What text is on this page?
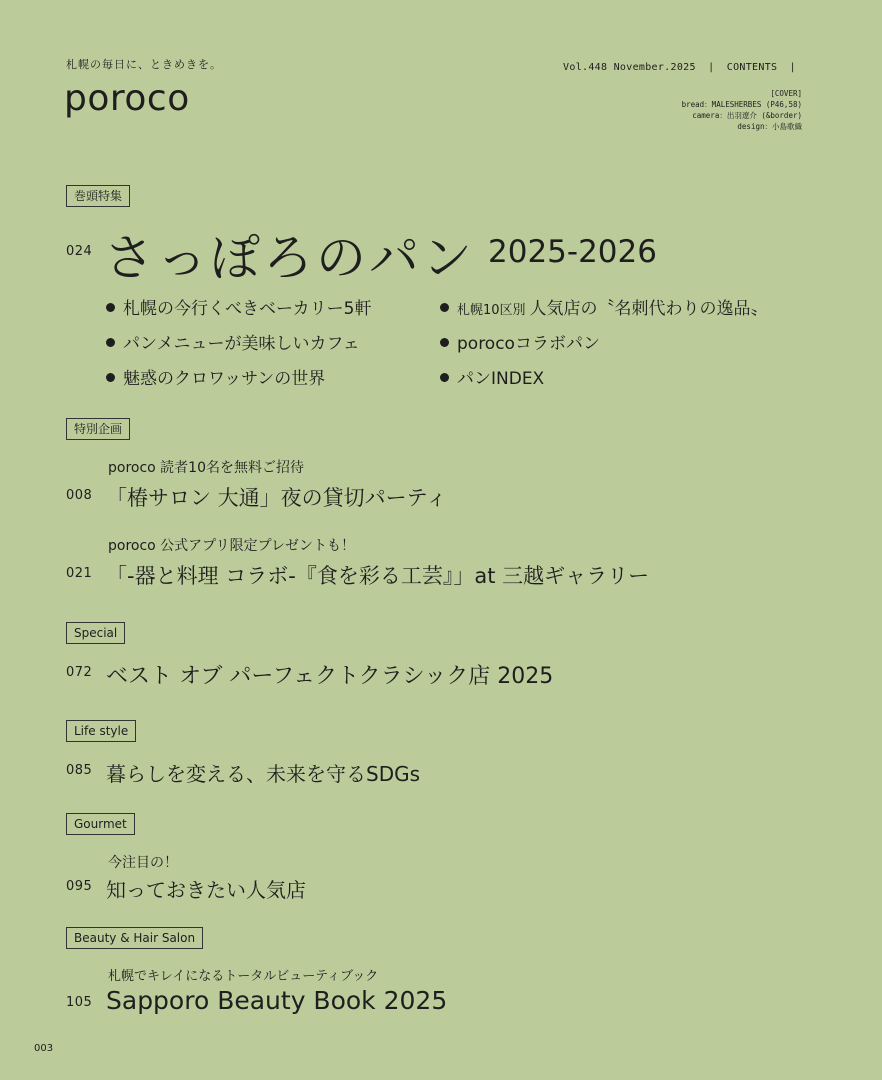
札幌の毎日に、ときめきを。
poroco
Vol.448 November.2025 | CONTENTS |
[COVER]
bread：MALESHERBES (P46,58)
camera：出羽遼介 (&border)
design：小島歌織
巻頭特集
024 さっぽろのパン 2025-2026
札幌の今行くべきベーカリー5軒
パンメニューが美味しいカフェ
魅惑のクロワッサンの世界
札幌10区別 人気店の〝名刺代わりの逸品〟
porocoコラボパン
パンINDEX
特別企画
poroco 読者10名を無料ご招待
008 「椿サロン 大通」夜の貸切パーティ
poroco 公式アプリ限定プレゼントも！
021 「-器と料理 コラボ-『食を彩る工芸』」at 三越ギャラリー
Special
072 ベスト オブ パーフェクトクラシック店 2025
Life style
085 暮らしを変える、未来を守るSDGs
Gourmet
今注目の！
095 知っておきたい人気店
Beauty & Hair Salon
札幌でキレイになるトータルビューティブック
105 Sapporo Beauty Book 2025
003
